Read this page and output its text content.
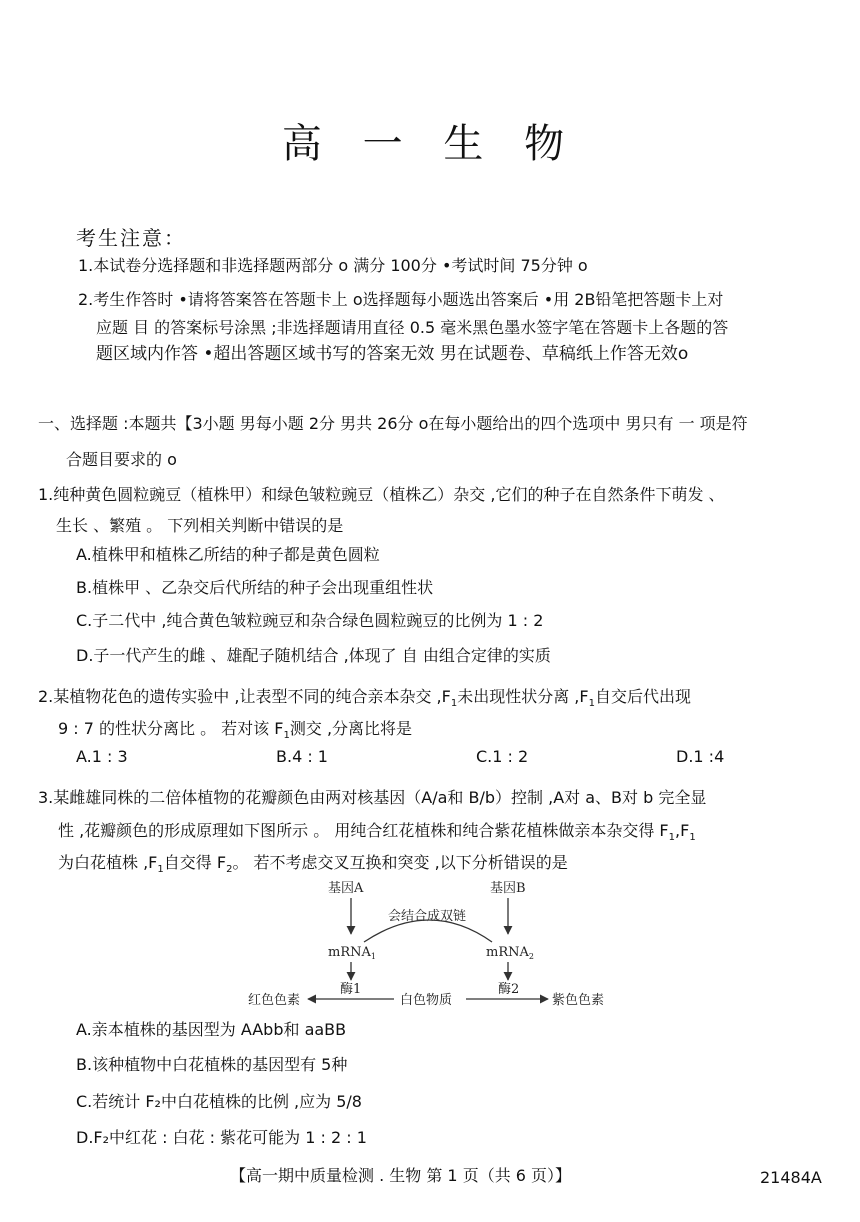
高 一 生 物
考生注意：
1.本试卷分选择题和非选择题两部分 o 满分 100分 •考试时间 75分钟 o
2.考生作答时 •请将答案答在答题卡上 o选择题每小题选出答案后 •用 2B铅笔把答题卡上对
应题 目 的答案标号涂黑 ;非选择题请用直径 0.5 毫米黑色墨水签字笔在答题卡上各题的答
题区域内作答 •超出答题区域书写的答案无效 男在试题卷、草稿纸上作答无效o
一、选择题 :本题共【3小题 男每小题 2分 男共 26分 o在每小题给出的四个选项中 男只有 一 项是符
合题目要求的 o
1.纯种黄色圆粒豌豆（植株甲）和绿色皱粒豌豆（植株乙）杂交 ,它们的种子在自然条件下萌发 、
生长 、繁殖 。 下列相关判断中错误的是
A.植株甲和植株乙所结的种子都是黄色圆粒
B.植株甲 、乙杂交后代所结的种子会出现重组性状
C.子二代中 ,纯合黄色皱粒豌豆和杂合绿色圆粒豌豆的比例为 1 : 2
D.子一代产生的雌 、雄配子随机结合 ,体现了 自 由组合定律的实质
2.某植物花色的遗传实验中 ,让表型不同的纯合亲本杂交 $,F_1$未出现性状分离 $,F_1$自交后代出现
9 : 7 的性状分离比 。 若对该 $F_1$测交 ,分离比将是
A.1 : 3	B.4 : 1	C.1 : 2	D.1 :4
3.某雌雄同株的二倍体植物的花瓣颜色由两对核基因（A/a和 B/b）控制 ,A对 a、B对 b 完全显
性 ,花瓣颜色的形成原理如下图所示 。 用纯合红花植株和纯合紫花植株做亲本杂交得 $F_1,F_1$
为白花植株 $,F_1$自交得 $F_2$。 若不考虑交叉互换和突变 ,以下分析错误的是
基因A	基因B
会结合成双链
mRNA$_1$	mRNA$_2$
酶1	酶2
红色色素	白色物质	紫色色素
A.亲本植株的基因型为 AAbb和 aaBB
B.该种植物中白花植株的基因型有 5种
C.若统计 F₂中白花植株的比例 ,应为 5/8
D.F₂中红花 : 白花 : 紫花可能为 1 : 2 : 1
【高一期中质量检测 . 生物 第 1 页（共 6 页）】	21484A
